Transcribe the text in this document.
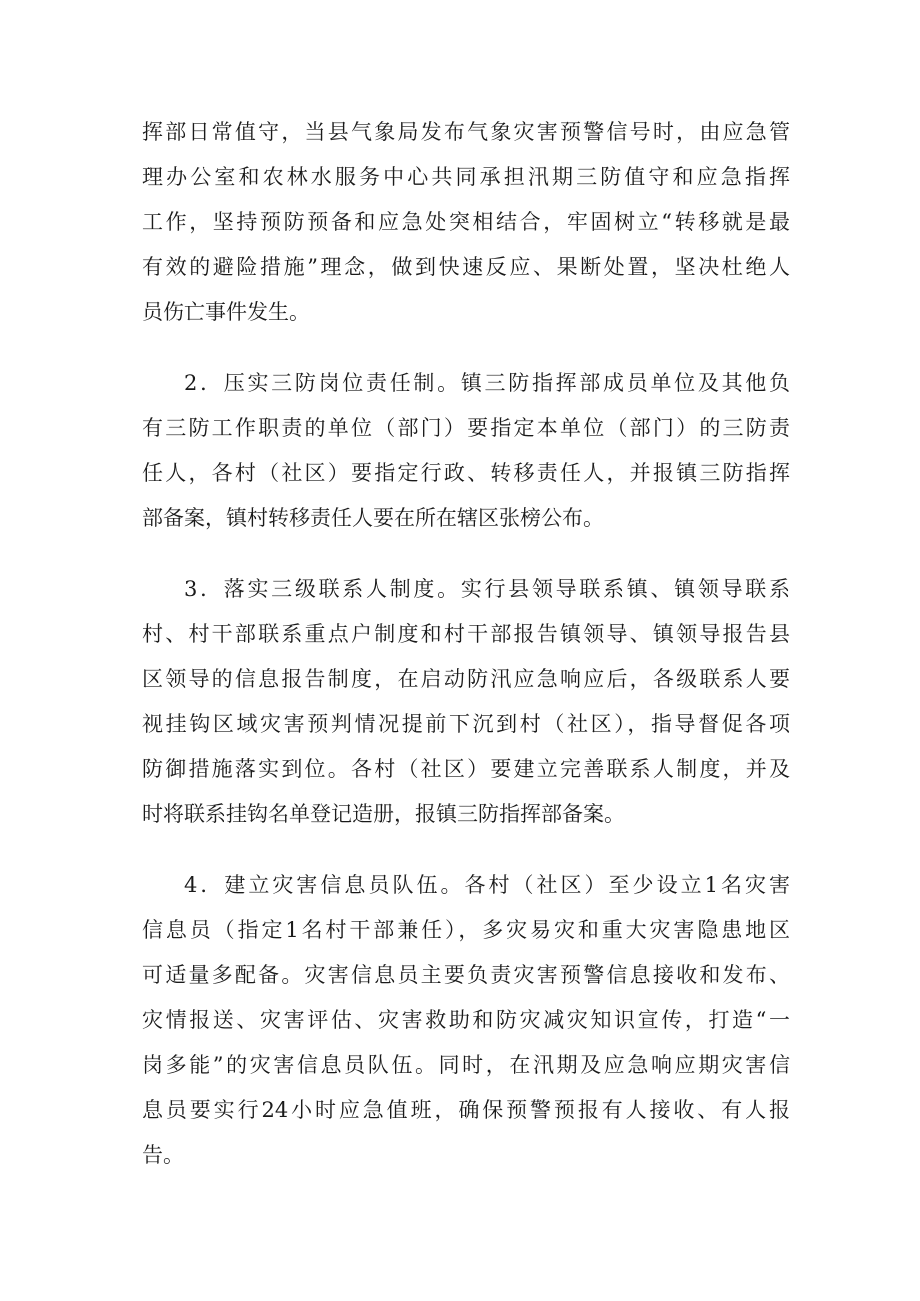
挥部日常值守，当县气象局发布气象灾害预警信号时，由应急管
理办公室和农林水服务中心共同承担汛期三防值守和应急指挥
工作，坚持预防预备和应急处突相结合，牢固树立“转移就是最
有效的避险措施”理念，做到快速反应、果断处置，坚决杜绝人
员伤亡事件发生。
2．压实三防岗位责任制。镇三防指挥部成员单位及其他负
有三防工作职责的单位（部门）要指定本单位（部门）的三防责
任人，各村（社区）要指定行政、转移责任人，并报镇三防指挥
部备案，镇村转移责任人要在所在辖区张榜公布。
3．落实三级联系人制度。实行县领导联系镇、镇领导联系
村、村干部联系重点户制度和村干部报告镇领导、镇领导报告县
区领导的信息报告制度，在启动防汛应急响应后，各级联系人要
视挂钩区域灾害预判情况提前下沉到村（社区），指导督促各项
防御措施落实到位。各村（社区）要建立完善联系人制度，并及
时将联系挂钩名单登记造册，报镇三防指挥部备案。
4．建立灾害信息员队伍。各村（社区）至少设立1名灾害
信息员（指定1名村干部兼任），多灾易灾和重大灾害隐患地区
可适量多配备。灾害信息员主要负责灾害预警信息接收和发布、
灾情报送、灾害评估、灾害救助和防灾减灾知识宣传，打造“一
岗多能”的灾害信息员队伍。同时，在汛期及应急响应期灾害信
息员要实行24小时应急值班，确保预警预报有人接收、有人报
告。
